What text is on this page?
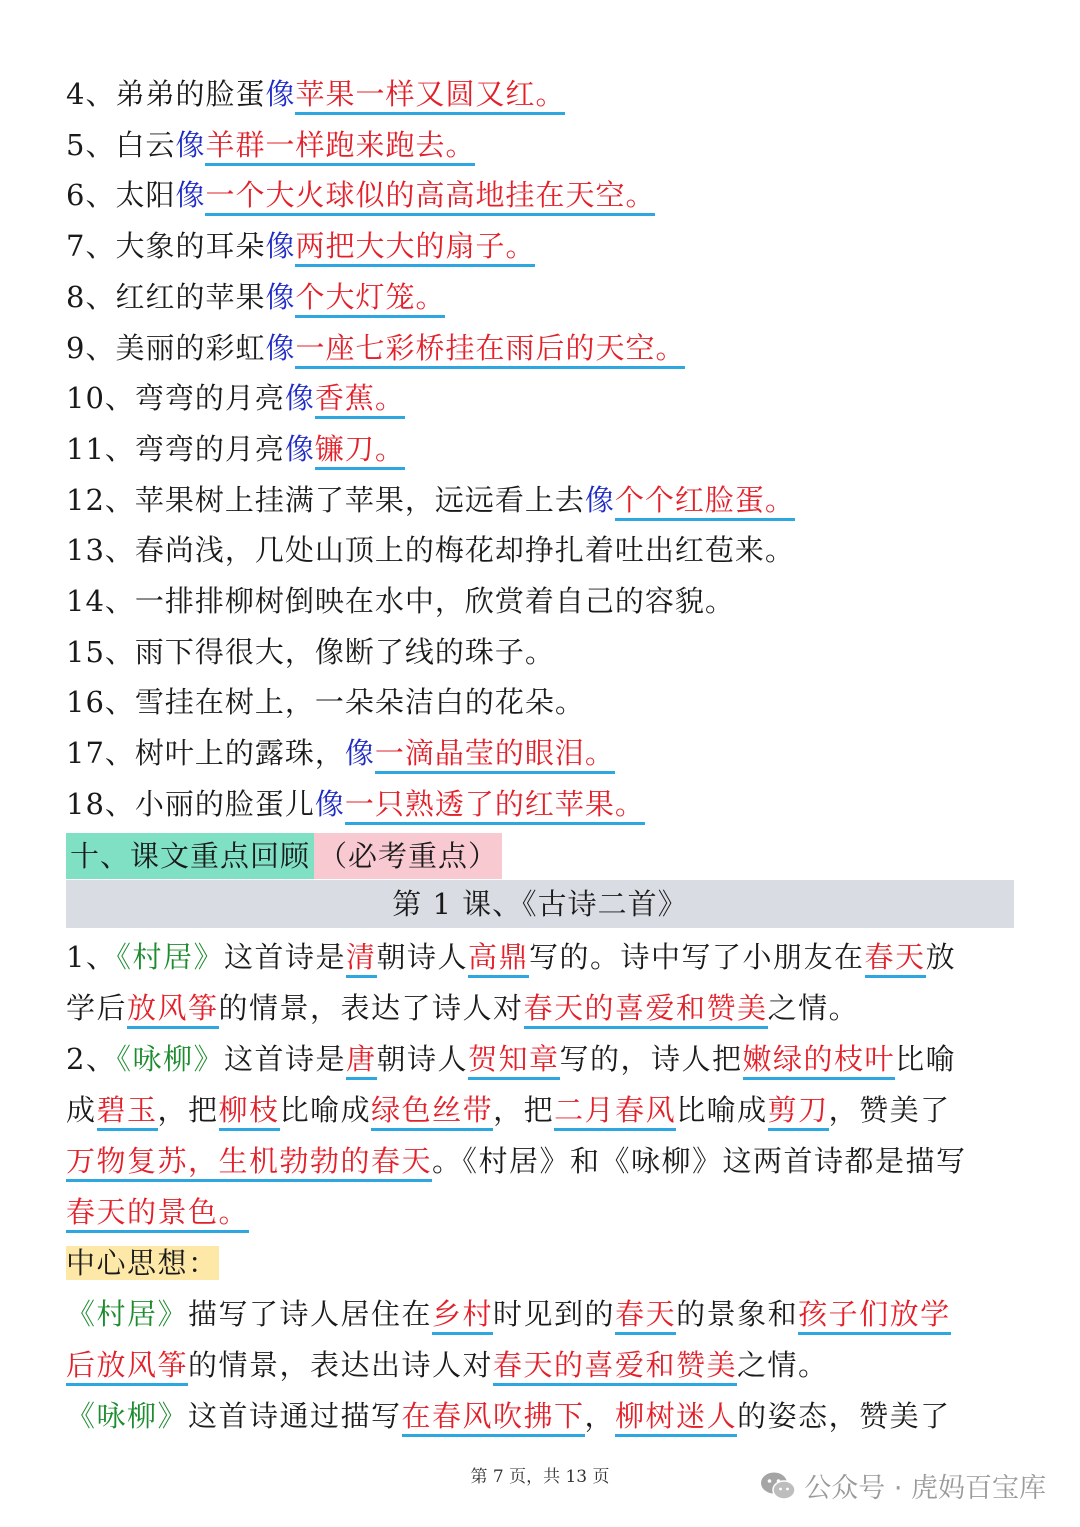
4、弟弟的脸蛋像苹果一样又圆又红。
5、白云像羊群一样跑来跑去。
6、太阳像一个大火球似的高高地挂在天空。
7、大象的耳朵像两把大大的扇子。
8、红红的苹果像个大灯笼。
9、美丽的彩虹像一座七彩桥挂在雨后的天空。
10、弯弯的月亮像香蕉。
11、弯弯的月亮像镰刀。
12、苹果树上挂满了苹果，远远看上去像个个红脸蛋。
13、春尚浅，几处山顶上的梅花却挣扎着吐出红苞来。
14、一排排柳树倒映在水中，欣赏着自己的容貌。
15、雨下得很大，像断了线的珠子。
16、雪挂在树上，一朵朵洁白的花朵。
17、树叶上的露珠，像一滴晶莹的眼泪。
18、小丽的脸蛋儿像一只熟透了的红苹果。
十、课文重点回顾 （必考重点）
第 1 课、《古诗二首》
1、《村居》这首诗是清朝诗人高鼎写的。诗中写了小朋友在春天放
学后放风筝的情景，表达了诗人对春天的喜爱和赞美之情。
2、《咏柳》这首诗是唐朝诗人贺知章写的，诗人把嫩绿的枝叶比喻
成碧玉，把柳枝比喻成绿色丝带，把二月春风比喻成剪刀，赞美了
万物复苏，生机勃勃的春天。《村居》和《咏柳》这两首诗都是描写
春天的景色。
中心思想：
《村居》描写了诗人居住在乡村时见到的春天的景象和孩子们放学
后放风筝的情景，表达出诗人对春天的喜爱和赞美之情。
《咏柳》这首诗通过描写在春风吹拂下，柳树迷人的姿态，赞美了
第 7 页，共 13 页	公众号 · 虎妈百宝库
